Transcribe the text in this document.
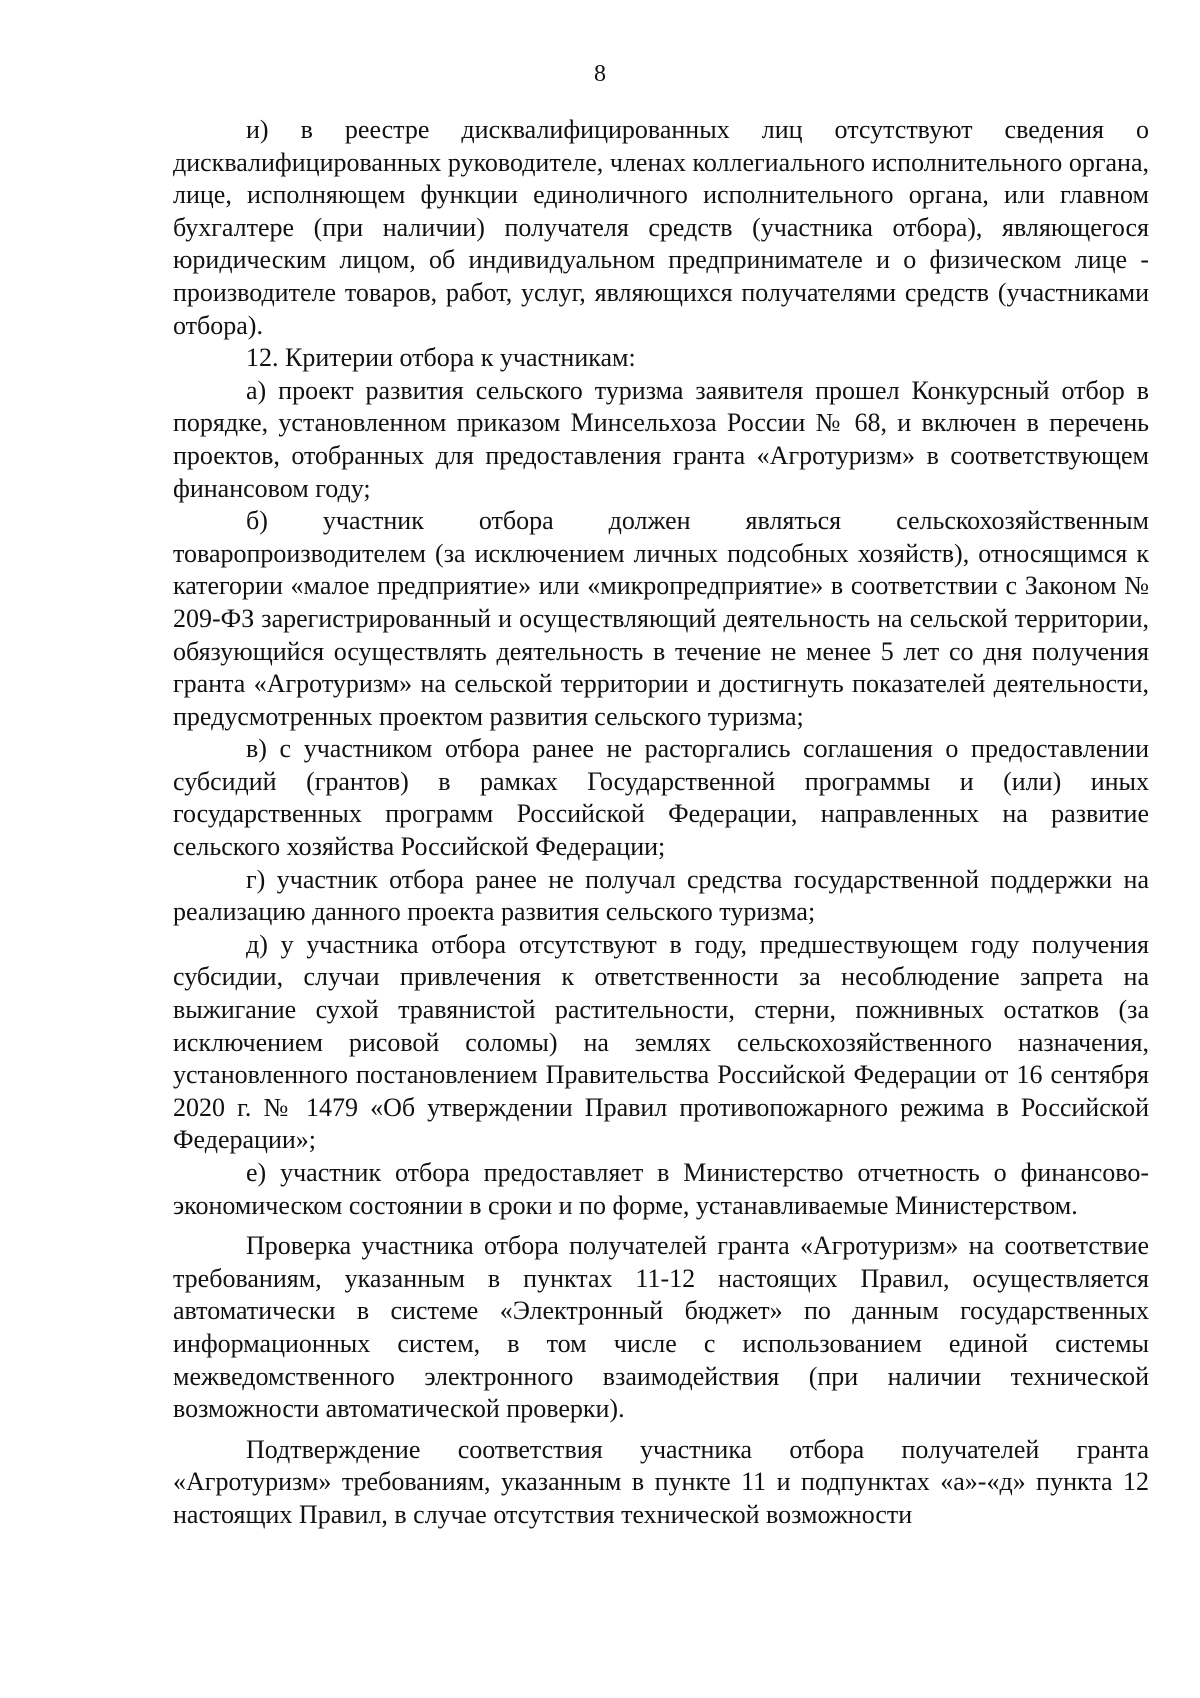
8

и) в реестре дисквалифицированных лиц отсутствуют сведения о дисквалифицированных руководителе, членах коллегиального исполнительного органа, лице, исполняющем функции единоличного исполнительного органа, или главном бухгалтере (при наличии) получателя средств (участника отбора), являющегося юридическим лицом, об индивидуальном предпринимателе и о физическом лице - производителе товаров, работ, услуг, являющихся получателями средств (участниками отбора).

12. Критерии отбора к участникам:

а) проект развития сельского туризма заявителя прошел Конкурсный отбор в порядке, установленном приказом Минсельхоза России № 68, и включен в перечень проектов, отобранных для предоставления гранта «Агротуризм» в соответствующем финансовом году;

б) участник отбора должен являться сельскохозяйственным товаропроизводителем (за исключением личных подсобных хозяйств), относящимся к категории «малое предприятие» или «микропредприятие» в соответствии с Законом № 209-ФЗ зарегистрированный и осуществляющий деятельность на сельской территории, обязующийся осуществлять деятельность в течение не менее 5 лет со дня получения гранта «Агротуризм» на сельской территории и достигнуть показателей деятельности, предусмотренных проектом развития сельского туризма;

в) с участником отбора ранее не расторгались соглашения о предоставлении субсидий (грантов) в рамках Государственной программы и (или) иных государственных программ Российской Федерации, направленных на развитие сельского хозяйства Российской Федерации;

г) участник отбора ранее не получал средства государственной поддержки на реализацию данного проекта развития сельского туризма;

д) у участника отбора отсутствуют в году, предшествующем году получения субсидии, случаи привлечения к ответственности за несоблюдение запрета на выжигание сухой травянистой растительности, стерни, пожнивных остатков (за исключением рисовой соломы) на землях сельскохозяйственного назначения, установленного постановлением Правительства Российской Федерации от 16 сентября 2020 г. № 1479 «Об утверждении Правил противопожарного режима в Российской Федерации»;

е) участник отбора предоставляет в Министерство отчетность о финансово-экономическом состоянии в сроки и по форме, устанавливаемые Министерством.

Проверка участника отбора получателей гранта «Агротуризм» на соответствие требованиям, указанным в пунктах 11-12 настоящих Правил, осуществляется автоматически в системе «Электронный бюджет» по данным государственных информационных систем, в том числе с использованием единой системы межведомственного электронного взаимодействия (при наличии технической возможности автоматической проверки).

Подтверждение соответствия участника отбора получателей гранта «Агротуризм» требованиям, указанным в пункте 11 и подпунктах «а»-«д» пункта 12 настоящих Правил, в случае отсутствия технической возможности
